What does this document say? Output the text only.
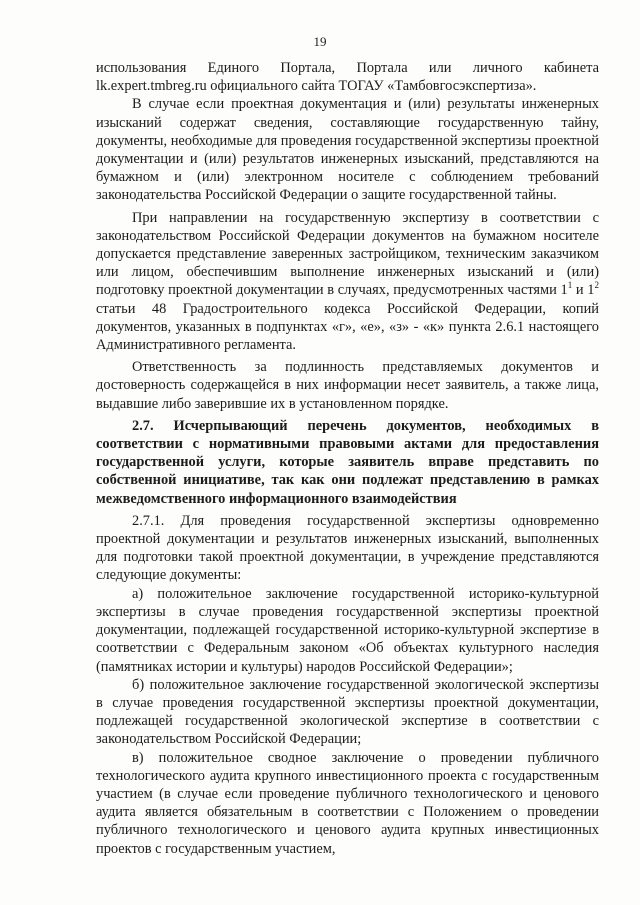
19

использования Единого Портала, Портала или личного кабинета lk.expert.tmbreg.ru официального сайта ТОГАУ «Тамбовгосэкспертиза».

В случае если проектная документация и (или) результаты инженерных изысканий содержат сведения, составляющие государственную тайну, документы, необходимые для проведения государственной экспертизы проектной документации и (или) результатов инженерных изысканий, представляются на бумажном и (или) электронном носителе с соблюдением требований законодательства Российской Федерации о защите государственной тайны.

При направлении на государственную экспертизу в соответствии с законодательством Российской Федерации документов на бумажном носителе допускается представление заверенных застройщиком, техническим заказчиком или лицом, обеспечившим выполнение инженерных изысканий и (или) подготовку проектной документации в случаях, предусмотренных частями $1^1$ и $1^2$ статьи 48 Градостроительного кодекса Российской Федерации, копий документов, указанных в подпунктах «г», «е», «з» - «к» пункта 2.6.1 настоящего Административного регламента.

Ответственность за подлинность представляемых документов и достоверность содержащейся в них информации несет заявитель, а также лица, выдавшие либо заверившие их в установленном порядке.

2.7. Исчерпывающий перечень документов, необходимых в соответствии с нормативными правовыми актами для предоставления государственной услуги, которые заявитель вправе представить по собственной инициативе, так как они подлежат представлению в рамках межведомственного информационного взаимодействия

2.7.1. Для проведения государственной экспертизы одновременно проектной документации и результатов инженерных изысканий, выполненных для подготовки такой проектной документации, в учреждение представляются следующие документы:

а) положительное заключение государственной историко-культурной экспертизы в случае проведения государственной экспертизы проектной документации, подлежащей государственной историко-культурной экспертизе в соответствии с Федеральным законом «Об объектах культурного наследия (памятниках истории и культуры) народов Российской Федерации»;

б) положительное заключение государственной экологической экспертизы в случае проведения государственной экспертизы проектной документации, подлежащей государственной экологической экспертизе в соответствии с законодательством Российской Федерации;

в) положительное сводное заключение о проведении публичного технологического аудита крупного инвестиционного проекта с государственным участием (в случае если проведение публичного технологического и ценового аудита является обязательным в соответствии с Положением о проведении публичного технологического и ценового аудита крупных инвестиционных проектов с государственным участием,
